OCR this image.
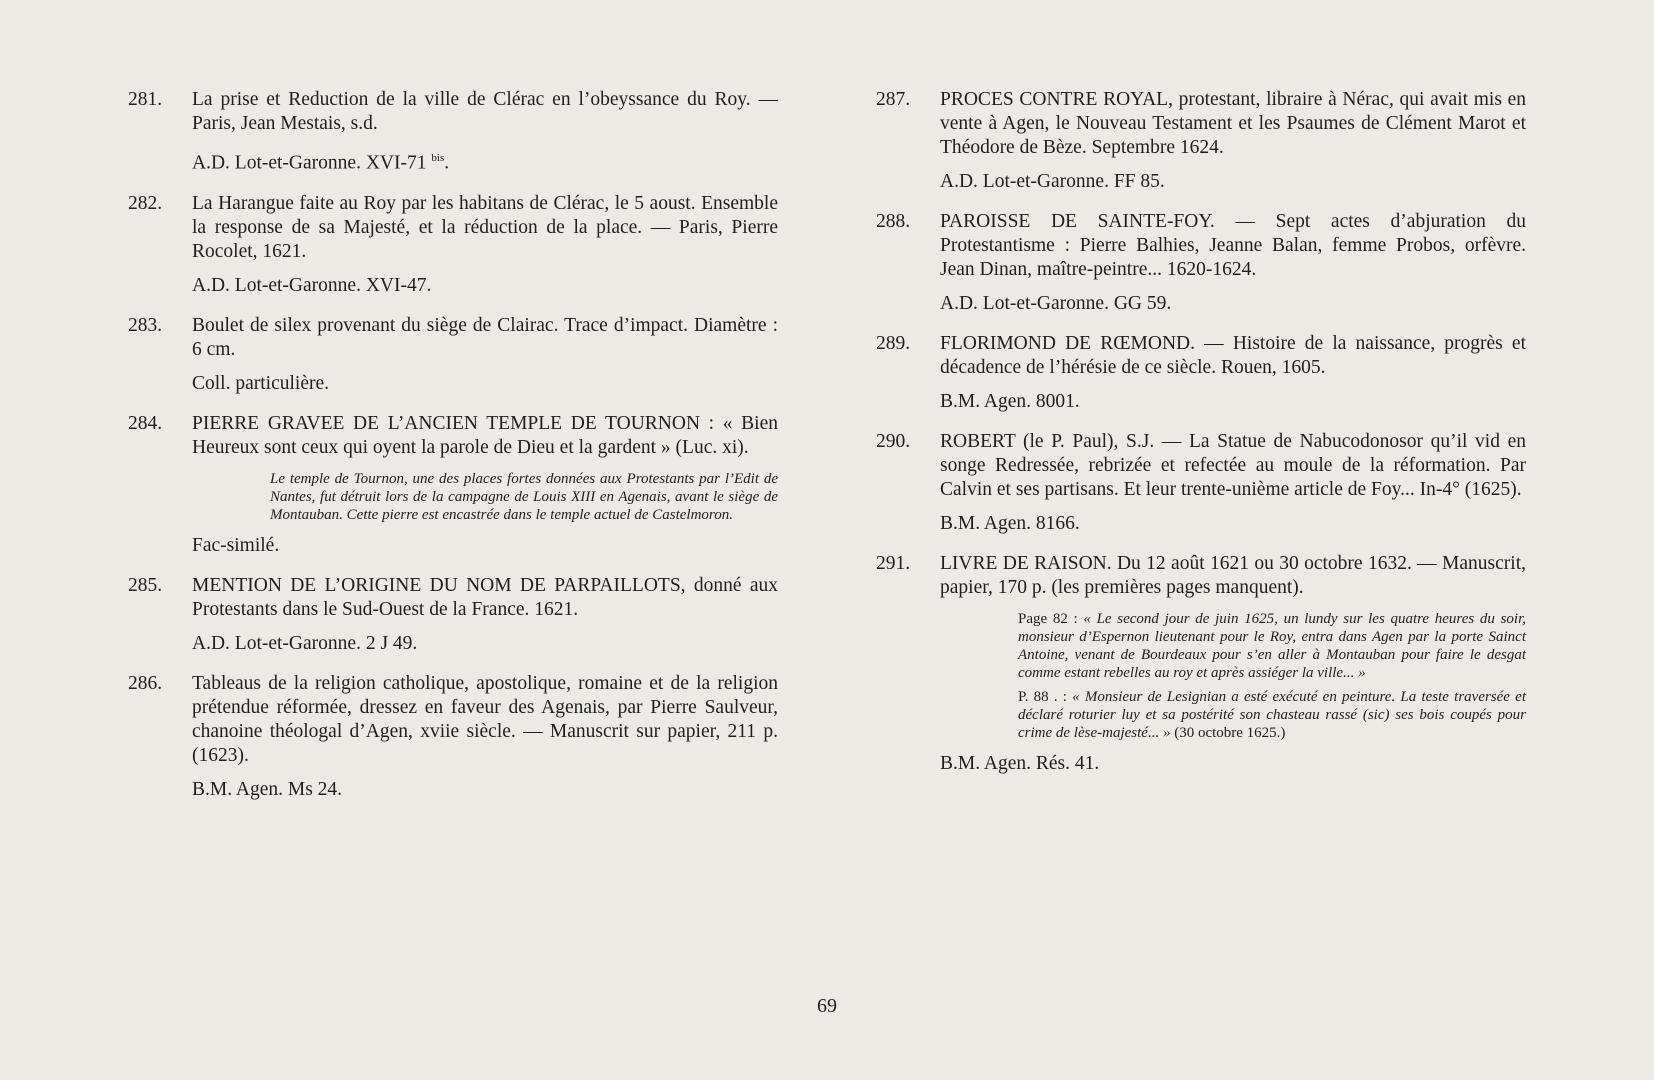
281. La prise et Reduction de la ville de Clérac en l’obeyssance du Roy. — Paris, Jean Mestais, s.d.
A.D. Lot-et-Garonne. XVI-71 $^{bis}$.
282. La Harangue faite au Roy par les habitans de Clérac, le 5 aoust. Ensemble la response de sa Majesté, et la réduction de la place. — Paris, Pierre Rocolet, 1621.
A.D. Lot-et-Garonne. XVI-47.
283. Boulet de silex provenant du siège de Clairac. Trace d’impact. Diamètre : 6 cm.
Coll. particulière.
284. PIERRE GRAVEE DE L’ANCIEN TEMPLE DE TOURNON : « Bien Heureux sont ceux qui oyent la parole de Dieu et la gardent » (Luc. xi).
Le temple de Tournon, une des places fortes données aux Protestants par l’Edit de Nantes, fut détruit lors de la campagne de Louis XIII en Agenais, avant le siège de Montauban. Cette pierre est encastrée dans le temple actuel de Castelmoron.
Fac-similé.
285. MENTION DE L’ORIGINE DU NOM DE PARPAILLOTS, donné aux Protestants dans le Sud-Ouest de la France. 1621.
A.D. Lot-et-Garonne. 2 J 49.
286. Tableaus de la religion catholique, apostolique, romaine et de la religion prétendue réformée, dressez en faveur des Agenais, par Pierre Saulveur, chanoine théologal d’Agen, xviie siècle. — Manuscrit sur papier, 211 p. (1623).
B.M. Agen. Ms 24.
287. PROCES CONTRE ROYAL, protestant, libraire à Nérac, qui avait mis en vente à Agen, le Nouveau Testament et les Psaumes de Clément Marot et Théodore de Bèze. Septembre 1624.
A.D. Lot-et-Garonne. FF 85.
288. PAROISSE DE SAINTE-FOY. — Sept actes d’abjuration du Protestantisme : Pierre Balhies, Jeanne Balan, femme Probos, orfèvre. Jean Dinan, maître-peintre... 1620-1624.
A.D. Lot-et-Garonne. GG 59.
289. FLORIMOND DE RŒMOND. — Histoire de la naissance, progrès et décadence de l’hérésie de ce siècle. Rouen, 1605.
B.M. Agen. 8001.
290. ROBERT (le P. Paul), S.J. — La Statue de Nabucodonosor qu’il vid en songe Redressée, rebrizée et refectée au moule de la réformation. Par Calvin et ses partisans. Et leur trente-unième article de Foy... In-4° (1625).
B.M. Agen. 8166.
291. LIVRE DE RAISON. Du 12 août 1621 ou 30 octobre 1632. — Manuscrit, papier, 170 p. (les premières pages manquent).
Page 82 : « Le second jour de juin 1625, un lundy sur les quatre heures du soir, monsieur d’Espernon lieutenant pour le Roy, entra dans Agen par la porte Sainct Antoine, venant de Bourdeaux pour s’en aller à Montauban pour faire le desgat comme estant rebelles au roy et après assiéger la ville... »
P. 88 . : « Monsieur de Lesignian a esté exécuté en peinture. La teste traversée et déclaré roturier luy et sa postérité son chasteau rassé (sic) ses bois coupés pour crime de lèse-majesté... » (30 octobre 1625.)
B.M. Agen. Rés. 41.
69
